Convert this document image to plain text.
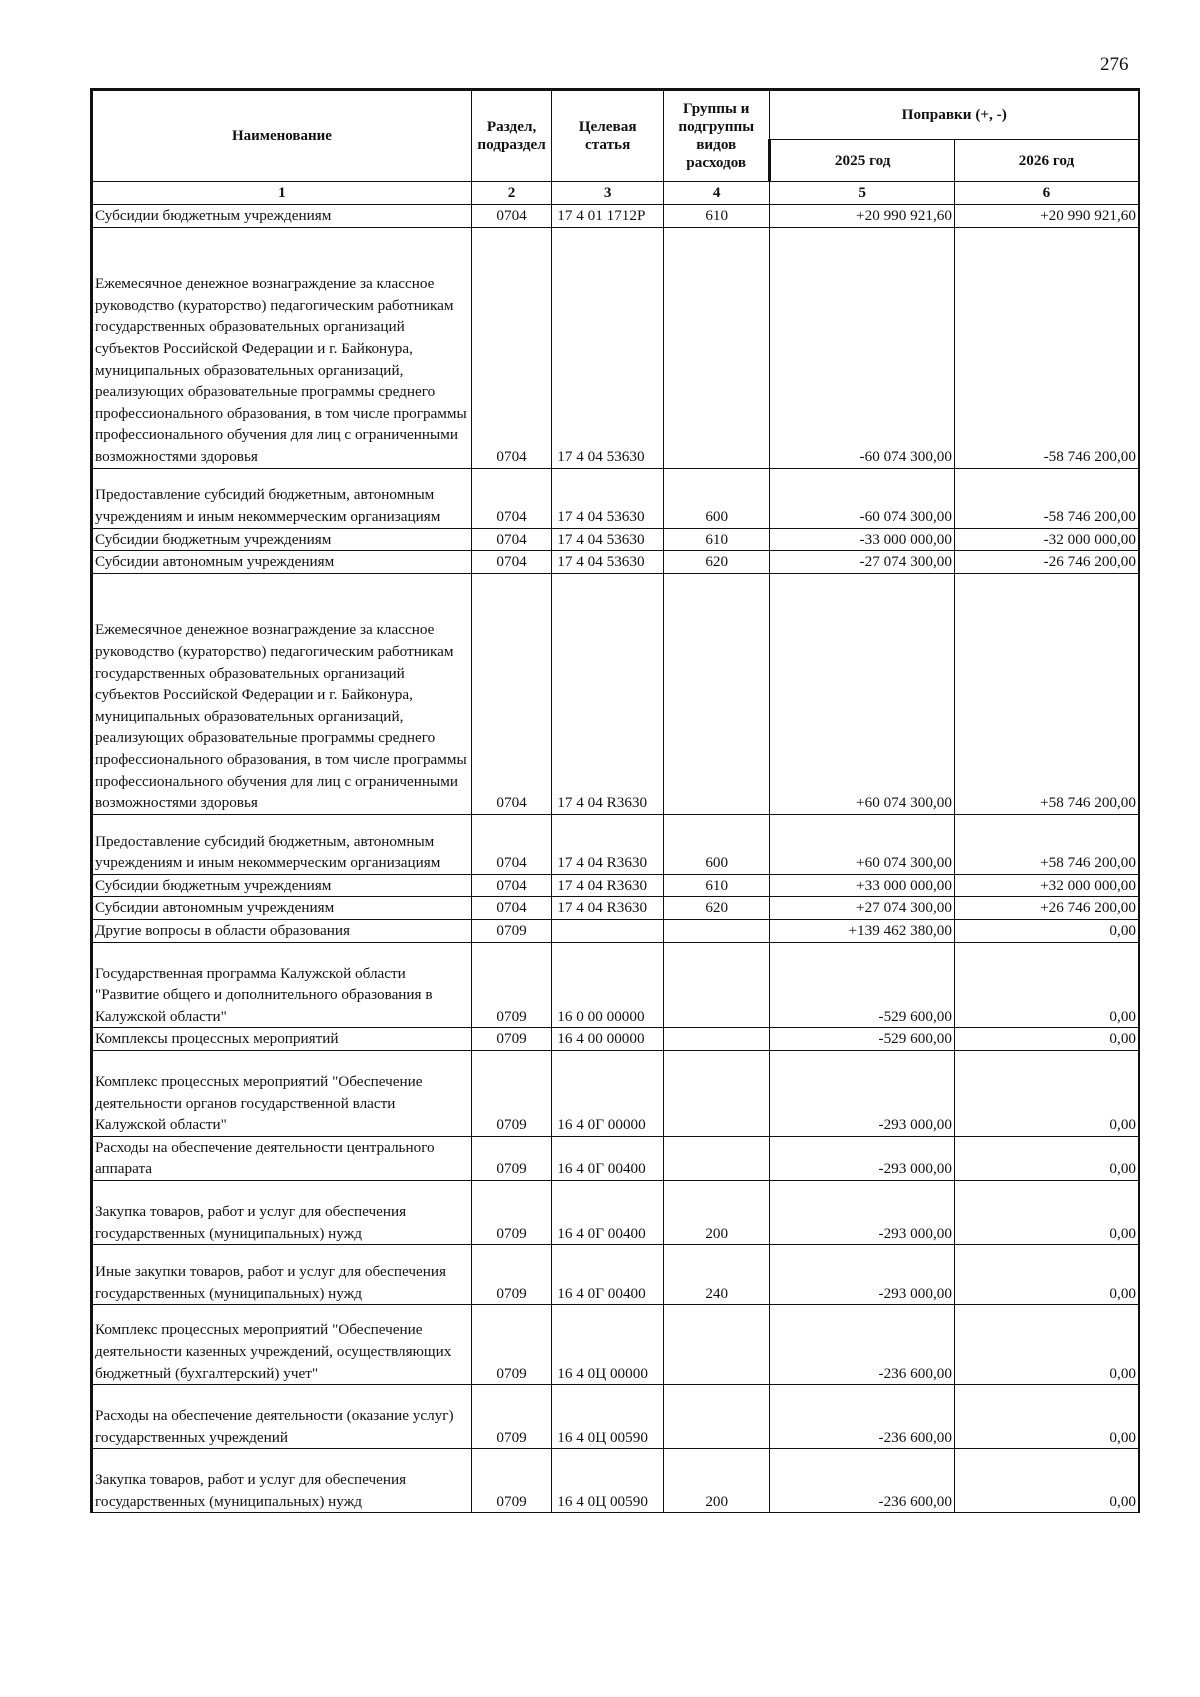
276
Наименование	Раздел, подраздел	Целевая статья	Группы и подгруппы видов расходов	Поправки (+, -)	
				2025 год	2026 год
1	2	3	4	5	6
Субсидии бюджетным учреждениям	0704	17 4 01 1712P	610	+20 990 921,60	+20 990 921,60
Ежемесячное денежное вознаграждение за классное руководство (кураторство) педагогическим работникам государственных образовательных организаций субъектов Российской Федерации и г. Байконура, муниципальных образовательных организаций, реализующих образовательные программы среднего профессионального образования, в том числе программы профессионального обучения для лиц с ограниченными возможностями здоровья	0704	17 4 04 53630		-60 074 300,00	-58 746 200,00
Предоставление субсидий бюджетным, автономным учреждениям и иным некоммерческим организациям	0704	17 4 04 53630	600	-60 074 300,00	-58 746 200,00
Субсидии бюджетным учреждениям	0704	17 4 04 53630	610	-33 000 000,00	-32 000 000,00
Субсидии автономным учреждениям	0704	17 4 04 53630	620	-27 074 300,00	-26 746 200,00
Ежемесячное денежное вознаграждение за классное руководство (кураторство) педагогическим работникам государственных образовательных организаций субъектов Российской Федерации и г. Байконура, муниципальных образовательных организаций, реализующих образовательные программы среднего профессионального образования, в том числе программы профессионального обучения для лиц с ограниченными возможностями здоровья	0704	17 4 04 R3630		+60 074 300,00	+58 746 200,00
Предоставление субсидий бюджетным, автономным учреждениям и иным некоммерческим организациям	0704	17 4 04 R3630	600	+60 074 300,00	+58 746 200,00
Субсидии бюджетным учреждениям	0704	17 4 04 R3630	610	+33 000 000,00	+32 000 000,00
Субсидии автономным учреждениям	0704	17 4 04 R3630	620	+27 074 300,00	+26 746 200,00
Другие вопросы в области образования	0709			+139 462 380,00	0,00
Государственная программа Калужской области "Развитие общего и дополнительного образования в Калужской области"	0709	16 0 00 00000		-529 600,00	0,00
Комплексы процессных мероприятий	0709	16 4 00 00000		-529 600,00	0,00
Комплекс процессных мероприятий "Обеспечение деятельности органов государственной власти Калужской области"	0709	16 4 0Г 00000		-293 000,00	0,00
Расходы на обеспечение деятельности центрального аппарата	0709	16 4 0Г 00400		-293 000,00	0,00
Закупка товаров, работ и услуг для обеспечения государственных (муниципальных) нужд	0709	16 4 0Г 00400	200	-293 000,00	0,00
Иные закупки товаров, работ и услуг для обеспечения государственных (муниципальных) нужд	0709	16 4 0Г 00400	240	-293 000,00	0,00
Комплекс процессных мероприятий "Обеспечение деятельности казенных учреждений, осуществляющих бюджетный (бухгалтерский) учет"	0709	16 4 0Ц 00000		-236 600,00	0,00
Расходы на обеспечение деятельности (оказание услуг) государственных учреждений	0709	16 4 0Ц 00590		-236 600,00	0,00
Закупка товаров, работ и услуг для обеспечения государственных (муниципальных) нужд	0709	16 4 0Ц 00590	200	-236 600,00	0,00
